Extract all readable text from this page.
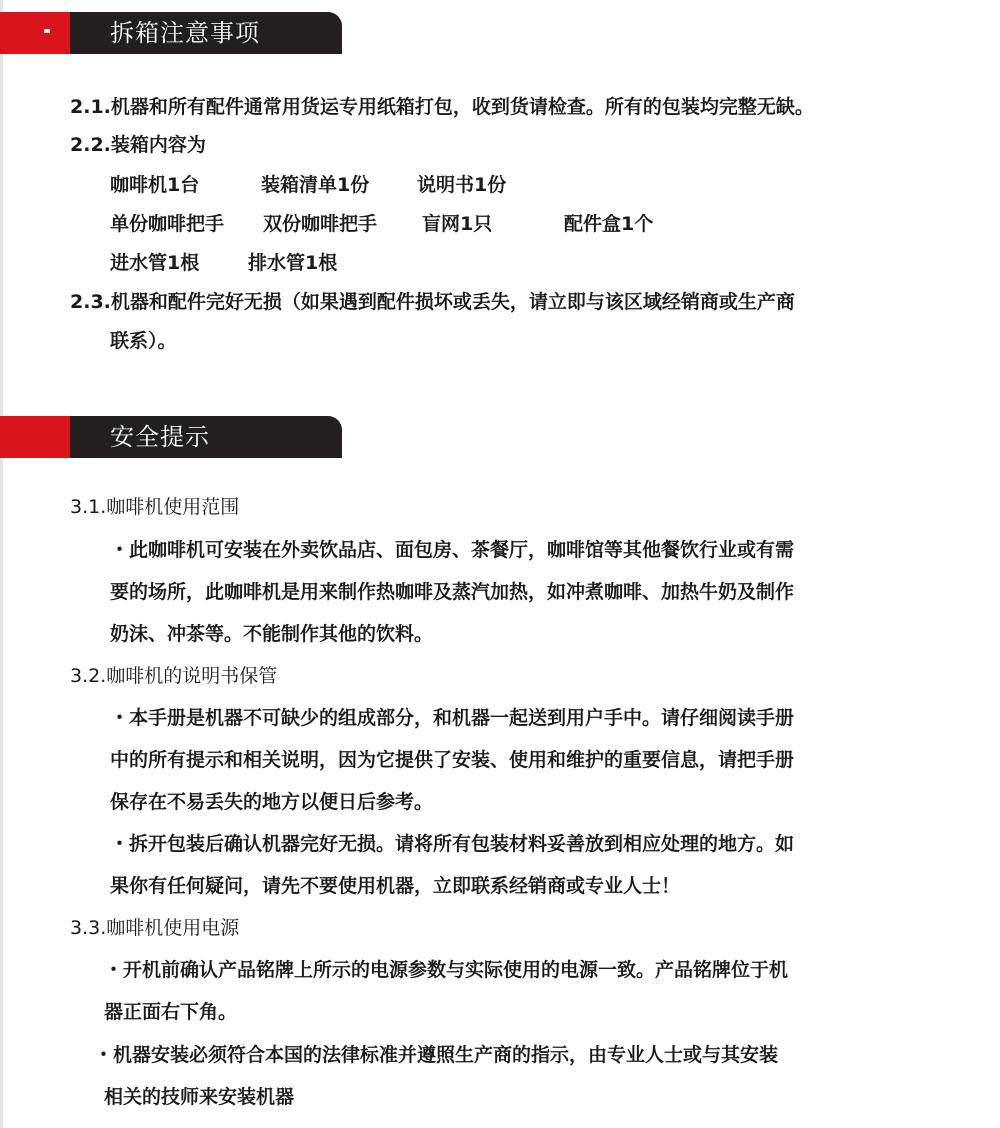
拆箱注意事项
2.1.机器和所有配件通常用货运专用纸箱打包，收到货请检查。所有的包装均完整无缺。
2.2.装箱内容为
咖啡机1台	装箱清单1份	说明书1份
单份咖啡把手 双份咖啡把手 盲网1只	配件盒1个
进水管1根	排水管1根
2.3.机器和配件完好无损（如果遇到配件损坏或丢失，请立即与该区域经销商或生产商
联系）。
安全提示
3.1.咖啡机使用范围
・此咖啡机可安装在外卖饮品店、面包房、茶餐厅，咖啡馆等其他餐饮行业或有需
要的场所，此咖啡机是用来制作热咖啡及蒸汽加热，如冲煮咖啡、加热牛奶及制作
奶沫、冲茶等。不能制作其他的饮料。
3.2.咖啡机的说明书保管
・本手册是机器不可缺少的组成部分，和机器一起送到用户手中。请仔细阅读手册
中的所有提示和相关说明，因为它提供了安装、使用和维护的重要信息，请把手册
保存在不易丢失的地方以便日后参考。
・拆开包装后确认机器完好无损。请将所有包装材料妥善放到相应处理的地方。如
果你有任何疑问，请先不要使用机器，立即联系经销商或专业人士！
3.3.咖啡机使用电源
・开机前确认产品铭牌上所示的电源参数与实际使用的电源一致。产品铭牌位于机
器正面右下角。
・机器安装必须符合本国的法律标准并遵照生产商的指示，由专业人士或与其安装
相关的技师来安装机器
